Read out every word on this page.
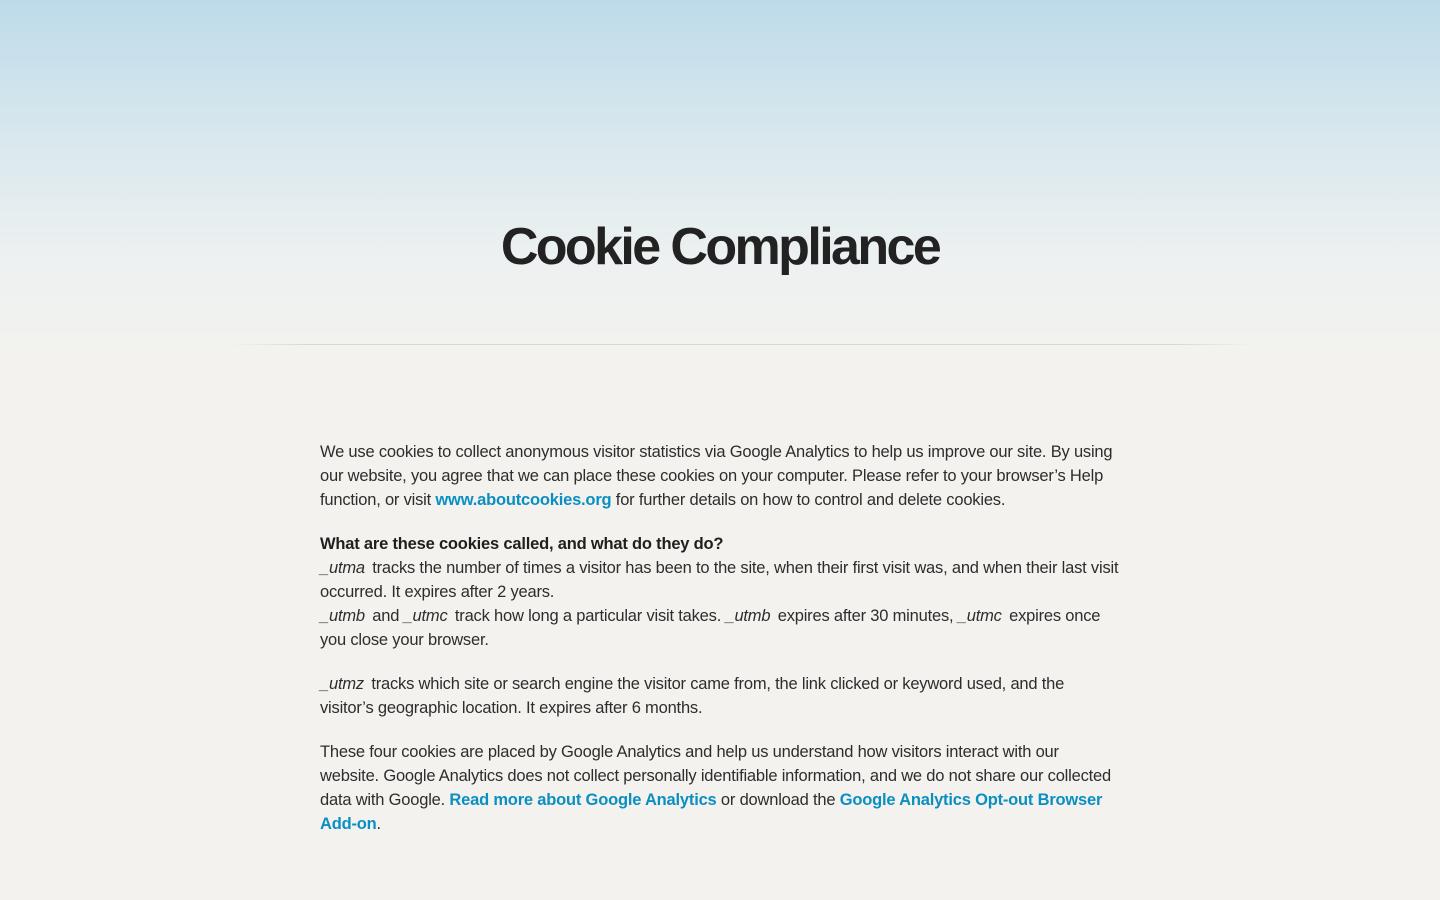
Cookie Compliance

We use cookies to collect anonymous visitor statistics via Google Analytics to help us improve our site. By using our website, you agree that we can place these cookies on your computer. Please refer to your browser’s Help function, or visit www.aboutcookies.org for further details on how to control and delete cookies.

What are these cookies called, and what do they do?
_utma tracks the number of times a visitor has been to the site, when their first visit was, and when their last visit occurred. It expires after 2 years.
_utmb and _utmc track how long a particular visit takes. _utmb expires after 30 minutes, _utmc expires once you close your browser.

_utmz tracks which site or search engine the visitor came from, the link clicked or keyword used, and the visitor’s geographic location. It expires after 6 months.

These four cookies are placed by Google Analytics and help us understand how visitors interact with our website. Google Analytics does not collect personally identifiable information, and we do not share our collected data with Google. Read more about Google Analytics or download the Google Analytics Opt-out Browser Add-on.
